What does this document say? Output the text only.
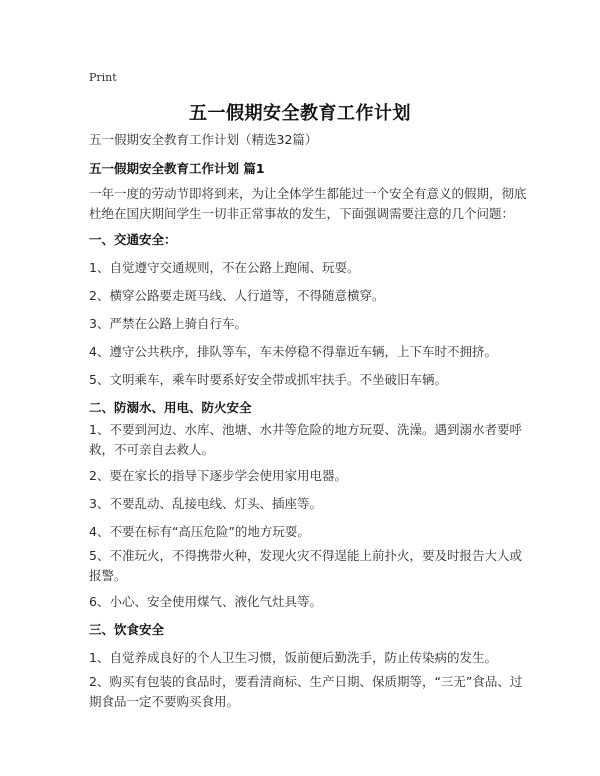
Print
五一假期安全教育工作计划
五一假期安全教育工作计划（精选32篇）
五一假期安全教育工作计划 篇1
一年一度的劳动节即将到来，为让全体学生都能过一个安全有意义的假期，彻底杜绝在国庆期间学生一切非正常事故的发生，下面强调需要注意的几个问题：
一、交通安全：
1、自觉遵守交通规则，不在公路上跑闹、玩耍。
2、横穿公路要走斑马线、人行道等，不得随意横穿。
3、严禁在公路上骑自行车。
4、遵守公共秩序，排队等车，车未停稳不得靠近车辆，上下车时不拥挤。
5、文明乘车，乘车时要系好安全带或抓牢扶手。不坐破旧车辆。
二、防溺水、用电、防火安全
1、不要到河边、水库、池塘、水井等危险的地方玩耍、洗澡。遇到溺水者要呼救，不可亲自去救人。
2、要在家长的指导下逐步学会使用家用电器。
3、不要乱动、乱接电线、灯头、插座等。
4、不要在标有“高压危险”的地方玩耍。
5、不准玩火，不得携带火种，发现火灾不得逞能上前扑火，要及时报告大人或报警。
6、小心、安全使用煤气、液化气灶具等。
三、饮食安全
1、自觉养成良好的个人卫生习惯，饭前便后勤洗手，防止传染病的发生。
2、购买有包装的食品时，要看清商标、生产日期、保质期等，“三无”食品、过期食品一定不要购买食用。
